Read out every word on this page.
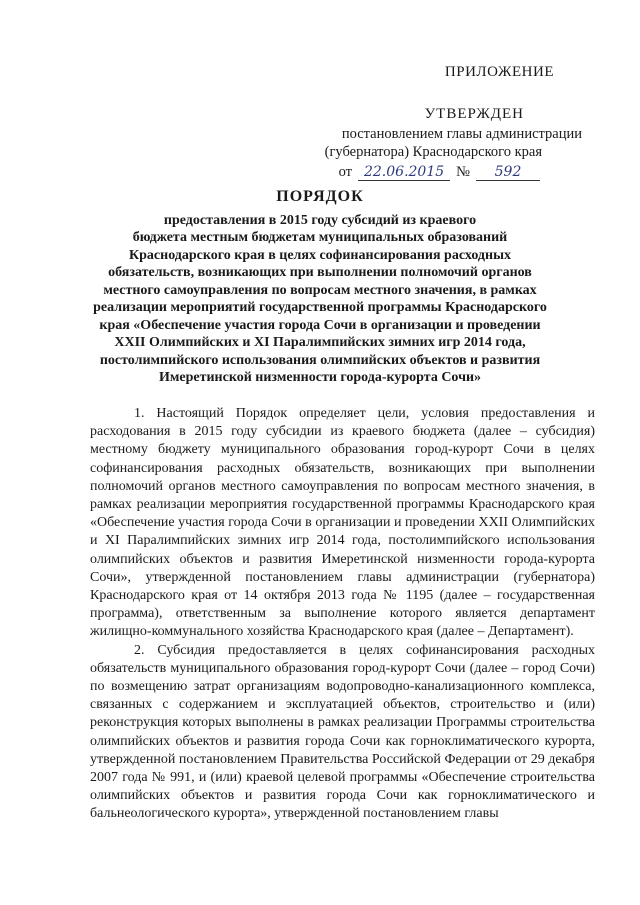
ПРИЛОЖЕНИЕ
УТВЕРЖДЕН
постановлением главы администрации
(губернатора) Краснодарского края
от 22.06.2015 №	592
ПОРЯДОК
предоставления в 2015 году субсидий из краевого
бюджета местным бюджетам муниципальных образований
Краснодарского края в целях софинансирования расходных
обязательств, возникающих при выполнении полномочий органов
местного самоуправления по вопросам местного значения, в рамках
реализации мероприятий государственной программы Краснодарского
края «Обеспечение участия города Сочи в организации и проведении
XXII Олимпийских и XI Паралимпийских зимних игр 2014 года,
постолимпийского использования олимпийских объектов и развития
Имеретинской низменности города-курорта Сочи»

1. Настоящий Порядок определяет цели, условия предоставления и расходования в 2015 году субсидии из краевого бюджета (далее – субсидия) местному бюджету муниципального образования город-курорт Сочи в целях софинансирования расходных обязательств, возникающих при выполнении полномочий органов местного самоуправления по вопросам местного значения, в рамках реализации мероприятия государственной программы Краснодарского края «Обеспечение участия города Сочи в организации и проведении XXII Олимпийских и XI Паралимпийских зимних игр 2014 года, постолимпийского использования олимпийских объектов и развития Имеретинской низменности города-курорта Сочи», утвержденной постановлением главы администрации (губернатора) Краснодарского края от 14 октября 2013 года № 1195 (далее – государственная программа), ответственным за выполнение которого является департамент жилищно-коммунального хозяйства Краснодарского края (далее – Департамент).

2. Субсидия предоставляется в целях софинансирования расходных обязательств муниципального образования город-курорт Сочи (далее – город Сочи) по возмещению затрат организациям водопроводно-канализационного комплекса, связанных с содержанием и эксплуатацией объектов, строительство и (или) реконструкция которых выполнены в рамках реализации Программы строительства олимпийских объектов и развития города Сочи как горноклиматического курорта, утвержденной постановлением Правительства Российской Федерации от 29 декабря 2007 года № 991, и (или) краевой целевой программы «Обеспечение строительства олимпийских объектов и развития города Сочи как горноклиматического и бальнеологического курорта», утвержденной постановлением главы
